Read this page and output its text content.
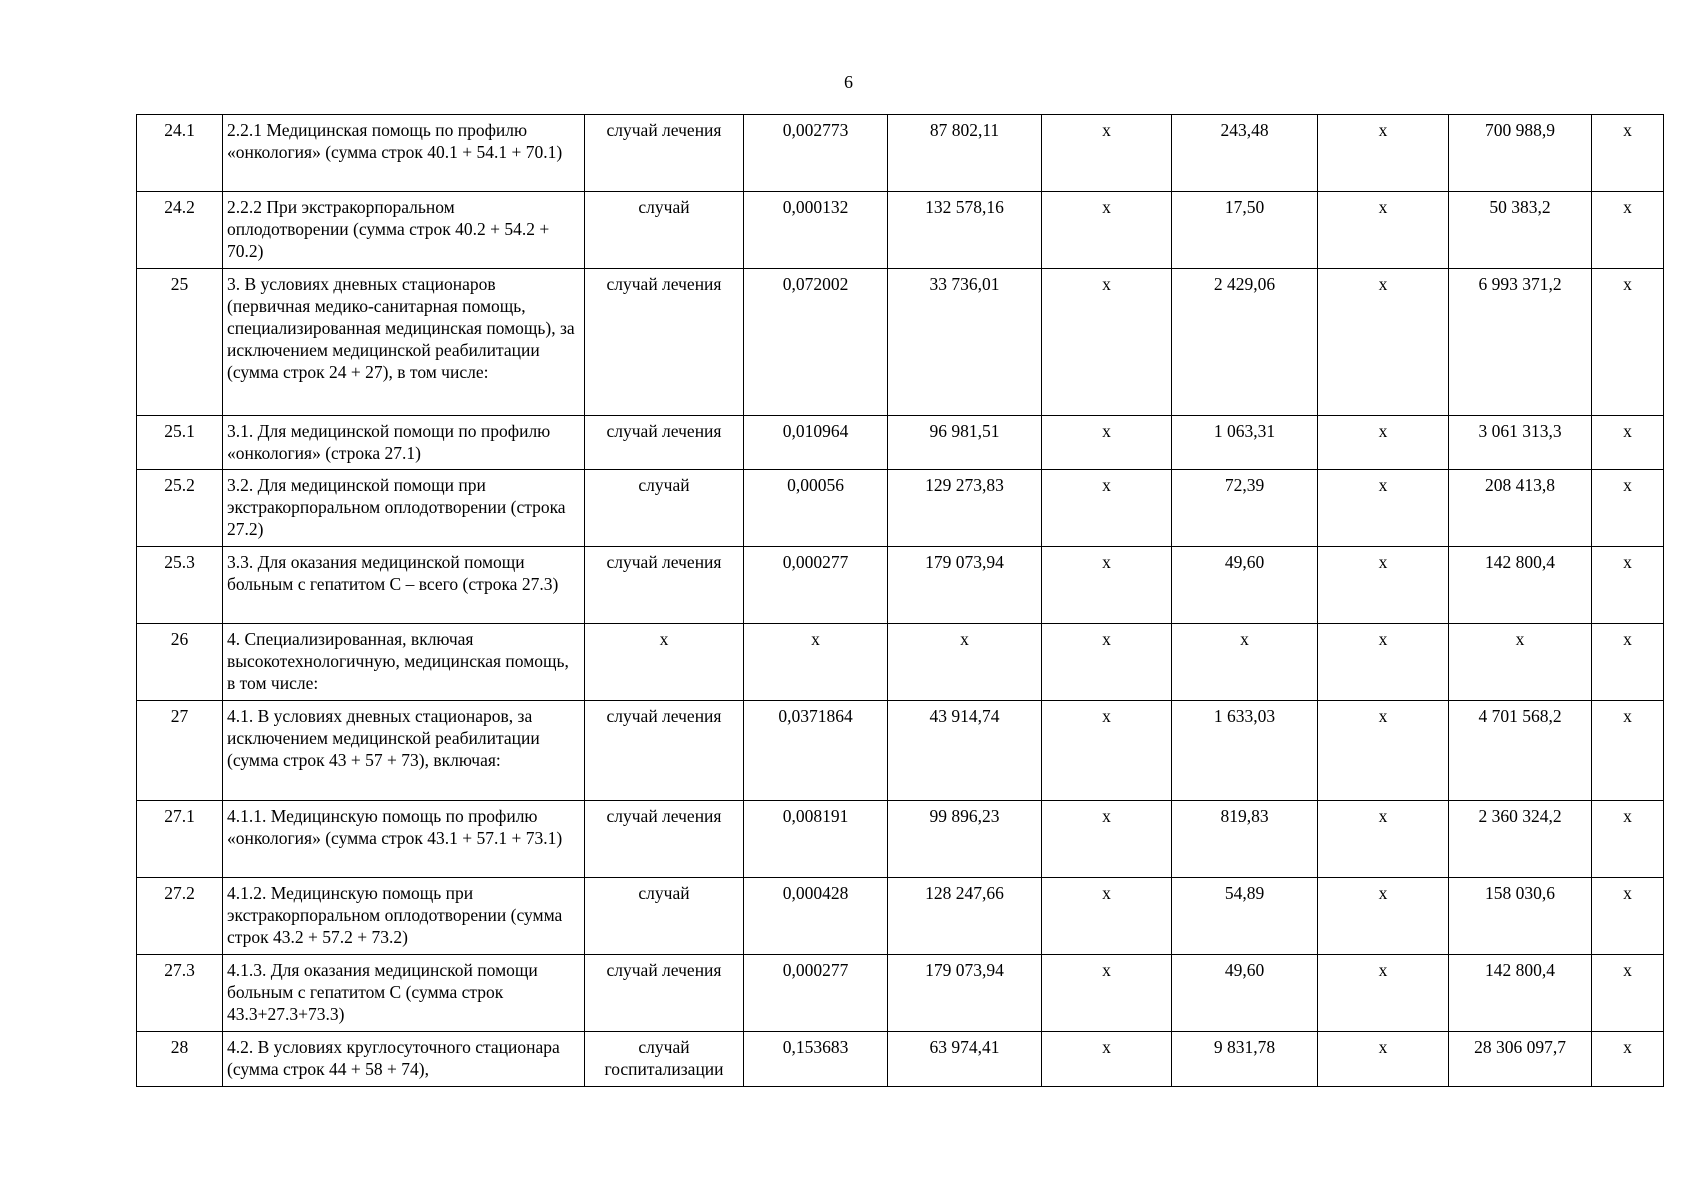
6
24.1	2.2.1 Медицинская помощь по профилю «онкология» (сумма строк 40.1 + 54.1 + 70.1)	случай лечения	0,002773	87 802,11	х	243,48	х	700 988,9	х
24.2	2.2.2 При экстракорпоральном оплодотворении (сумма строк 40.2 + 54.2 + 70.2)	случай	0,000132	132 578,16	х	17,50	х	50 383,2	х
25	3. В условиях дневных стационаров (первичная медико-санитарная помощь, специализированная медицинская помощь), за исключением медицинской реабилитации (сумма строк 24 + 27), в том числе:	случай лечения	0,072002	33 736,01	х	2 429,06	х	6 993 371,2	х
25.1	3.1. Для медицинской помощи по профилю «онкология» (строка 27.1)	случай лечения	0,010964	96 981,51	х	1 063,31	х	3 061 313,3	х
25.2	3.2. Для медицинской помощи при экстракорпоральном оплодотворении (строка 27.2)	случай	0,00056	129 273,83	х	72,39	х	208 413,8	х
25.3	3.3. Для оказания медицинской помощи больным с гепатитом С – всего (строка 27.3)	случай лечения	0,000277	179 073,94	х	49,60	х	142 800,4	х
26	4. Специализированная, включая высокотехнологичную, медицинская помощь, в том числе:	х	х	х	х	х	х	х	х
27	4.1. В условиях дневных стационаров, за исключением медицинской реабилитации (сумма строк 43 + 57 + 73), включая:	случай лечения	0,0371864	43 914,74	х	1 633,03	х	4 701 568,2	х
27.1	4.1.1. Медицинскую помощь по профилю «онкология» (сумма строк 43.1 + 57.1 + 73.1)	случай лечения	0,008191	99 896,23	х	819,83	х	2 360 324,2	х
27.2	4.1.2. Медицинскую помощь при экстракорпоральном оплодотворении (сумма строк 43.2 + 57.2 + 73.2)	случай	0,000428	128 247,66	х	54,89	х	158 030,6	х
27.3	4.1.3. Для оказания медицинской помощи больным с гепатитом С (сумма строк 43.3+27.3+73.3)	случай лечения	0,000277	179 073,94	х	49,60	х	142 800,4	х
28	4.2. В условиях круглосуточного стационара (сумма строк 44 + 58 + 74),	случай госпитализации	0,153683	63 974,41	х	9 831,78	х	28 306 097,7	х
